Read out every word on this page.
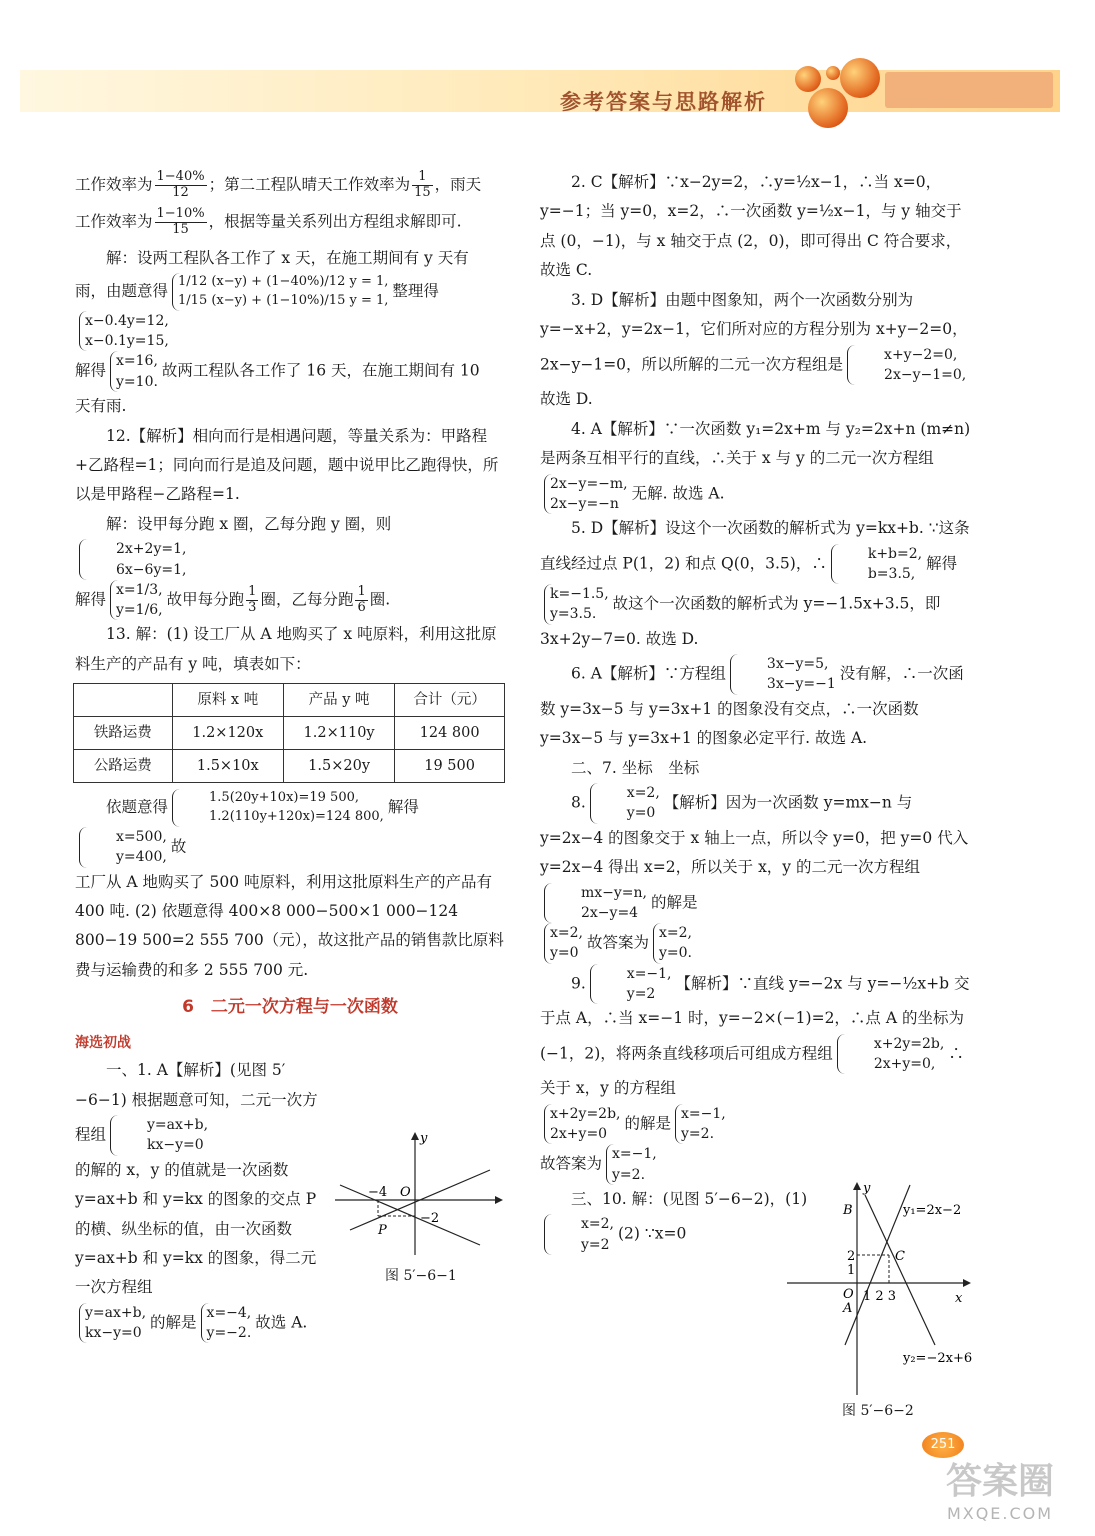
参考答案与思路解析

工作效率为 $\frac{1-40\%}{12}$ ；第二工程队晴天工作效率为 $\frac{1}{15}$ ，雨天

工作效率为 $\frac{1-10\%}{15}$ ，根据等量关系列出方程组求解即可.

解：设两工程队各工作了 x 天，在施工期间有 y 天有

雨，由题意得
1/12 (x−y) + (1−40%)/12 y = 1,
1/15 (x−y) + (1−10%)/15 y = 1,
整理得
x−0.4y=12,
x−0.1y=15,

解得
x=16,
y=10.
故两工程队各工作了 16 天，在施工期间有 10

天有雨.

12.【解析】相向而行是相遇问题，等量关系为：甲路程+乙路程=1；同向而行是追及问题，题中说甲比乙跑得快，所以是甲路程−乙路程=1.

解：设甲每分跑 x 圈，乙每分跑 y 圈，则
2x+2y=1,
6x−6y=1,

解得
x=1/3,
y=1/6,
故甲每分跑 $\frac{1}{3}$ 圈，乙每分跑 $\frac{1}{6}$ 圈.

13. 解：(1) 设工厂从 A 地购买了 x 吨原料，利用这批原料生产的产品有 y 吨，填表如下：

	原料 x 吨	产品 y 吨	合计（元）
铁路运费	1.2×120x	1.2×110y	124 800
公路运费	1.5×10x	1.5×20y	19 500

依题意得
1.5(20y+10x)=19 500,
1.2(110y+120x)=124 800,
解得
x=500,
y=400,
故

工厂从 A 地购买了 500 吨原料，利用这批原料生产的产品有 400 吨. (2) 依题意得 400×8 000−500×1 000−124 800−19 500=2 555 700（元），故这批产品的销售款比原料费与运输费的和多 2 555 700 元.

6　二元一次方程与一次函数
海选初战

一、1. A【解析】(见图 5′−6−1) 根据题意可知，二元一次方程组
y=ax+b,
kx−y=0

的解的 x，y 的值就是一次函数 y=ax+b 和 y=kx 的图象的交点 P 的横、纵坐标的值，由一次函数 y=ax+b 和 y=kx 的图象，得二元一次方程组

y=ax+b,
kx−y=0
的解是
x=−4,
y=−2.
故选 A.

y
−4 O
−2
P
图 5′−6−1

2. C【解析】∵x−2y=2，∴y=½x−1，∴当 x=0，y=−1；当 y=0，x=2，∴一次函数 y=½x−1，与 y 轴交于点 (0，−1)，与 x 轴交于点 (2，0)，即可得出 C 符合要求，故选 C.

3. D【解析】由题中图象知，两个一次函数分别为 y=−x+2，y=2x−1，它们所对应的方程分别为 x+y−2=0，2x−y−1=0，所以所解的二元一次方程组是
x+y−2=0,
2x−y−1=0,
故选 D.

4. A【解析】∵一次函数 y₁=2x+m 与 y₂=2x+n (m≠n) 是两条互相平行的直线，∴关于 x 与 y 的二元一次方程组

2x−y=−m,
2x−y=−n
无解. 故选 A.

5. D【解析】设这个一次函数的解析式为 y=kx+b. ∵这条直线经过点 P(1，2) 和点 Q(0，3.5)，∴
k+b=2,
b=3.5,
解得

k=−1.5,
y=3.5.
故这个一次函数的解析式为 y=−1.5x+3.5，即 3x+2y−7=0. 故选 D.

6. A【解析】∵方程组
3x−y=5,
3x−y=−1
没有解，∴一次函数 y=3x−5 与 y=3x+1 的图象没有交点，∴一次函数 y=3x−5 与 y=3x+1 的图象必定平行. 故选 A.

二、7. 坐标　坐标

8.
x=2,
y=0
【解析】因为一次函数 y=mx−n 与 y=2x−4 的图象交于 x 轴上一点，所以令 y=0，把 y=0 代入 y=2x−4 得出 x=2，所以关于 x，y 的二元一次方程组
mx−y=n,
2x−y=4
的解是

x=2,
y=0
故答案为
x=2,
y=0.

9.
x=−1,
y=2
【解析】∵直线 y=−2x 与 y=−½x+b 交于点 A，∴当 x=−1 时，y=−2×(−1)=2，∴点 A 的坐标为 (−1，2)，将两条直线移项后可组成方程组
x+2y=2b,
2x+y=0,
∴关于 x，y 的方程组

x+2y=2b,
2x+y=0
的解是
x=−1,
y=2.

故答案为
x=−1,
y=2.

三、10. 解：(见图 5′−6−2)，(1)
x=2,
y=2
(2) ∵x=0

y
x
B
C
A
O
2
1
1 2 3
y₁=2x−2
y₂=−2x+6
图 5′−6−2
251
答案圈
MXQE.COM
